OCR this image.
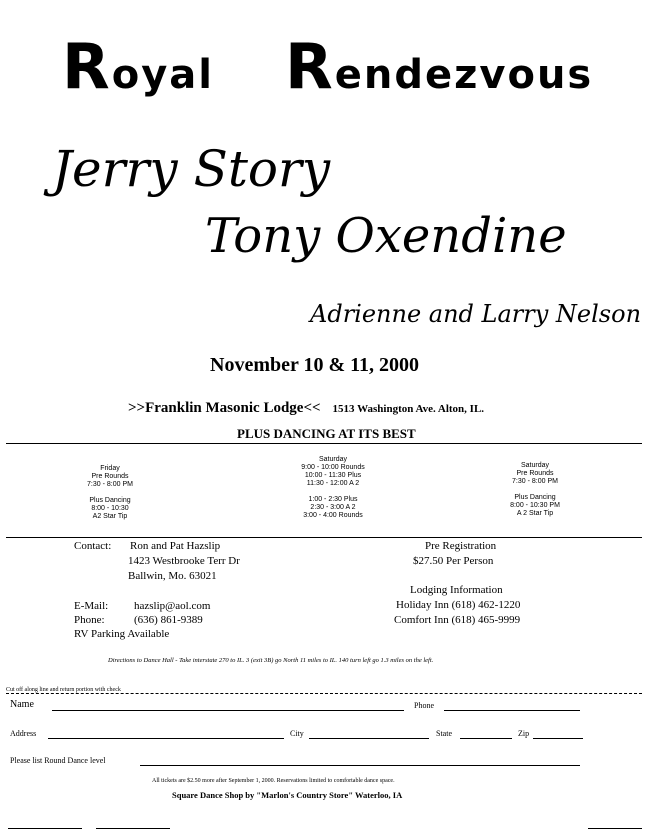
Royal Rendezvous
Jerry Story
Tony Oxendine
Adrienne and Larry Nelson
November 10 & 11, 2000
>>Franklin Masonic Lodge<< 1513 Washington Ave. Alton, IL.
PLUS DANCING AT ITS BEST
Friday
Pre Rounds
7:30 - 8:00 PM
Plus Dancing
8:00 - 10:30
A2 Star Tip
Saturday
9:00 - 10:00 Rounds
10:00 - 11:30 Plus
11:30 - 12:00 A 2
1:00 - 2:30 Plus
2:30 - 3:00 A 2
3:00 - 4:00 Rounds
Saturday
Pre Rounds
7:30 - 8:00 PM
Plus Dancing
8:00 - 10:30 PM
A 2 Star Tip
Contact: Ron and Pat Hazslip
1423 Westbrooke Terr Dr
Ballwin, Mo. 63021
E-Mail: hazslip@aol.com
Phone:	(636) 861-9389
RV Parking Available
Pre Registration
$27.50 Per Person
Lodging Information
Holiday Inn (618) 462-1220
Comfort Inn (618) 465-9999
Directions to Dance Hall - Take interstate 270 to IL. 3 (exit 3B) go North 11 miles to IL. 140 turn left go 1.3 miles on the left.
Cut off along line and return portion with check
Name	Phone
Address	City	State	Zip
Please list Round Dance level
All tickets are $2.50 more after September 1, 2000. Reservations limited to comfortable dance space.
Square Dance Shop by "Marlon's Country Store" Waterloo, IA
